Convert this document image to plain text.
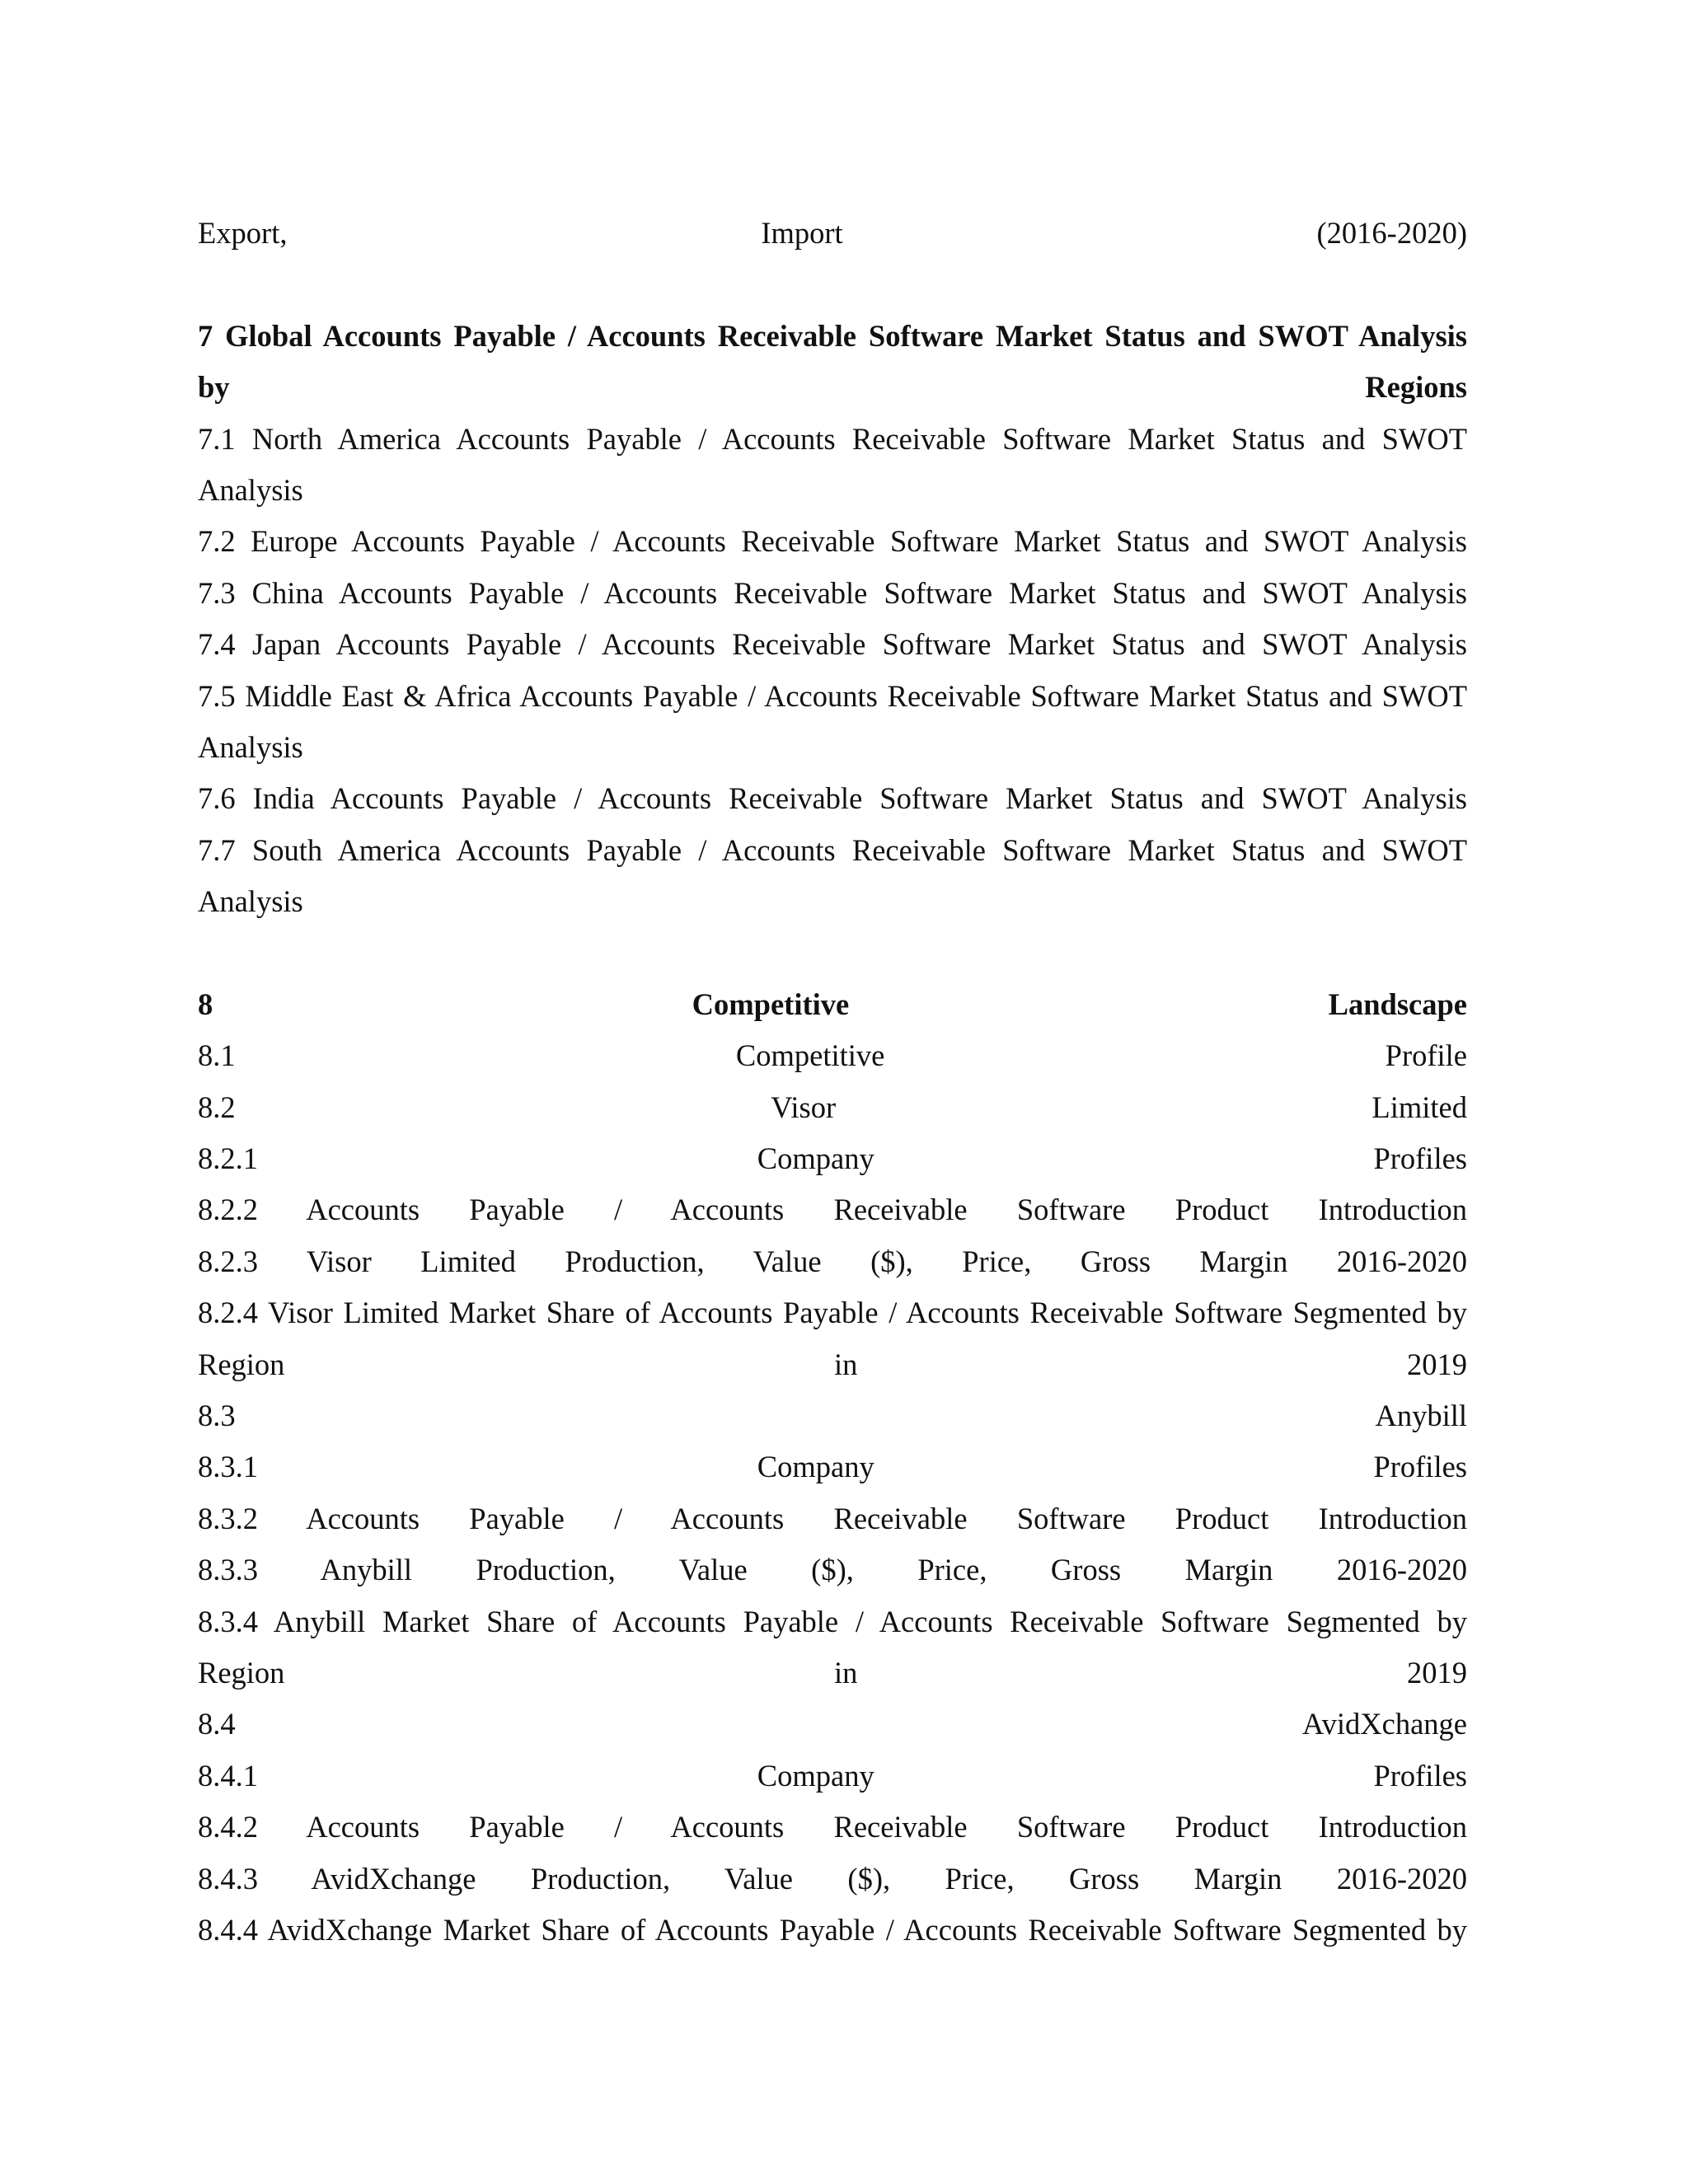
Export, Import (2016-2020)
7 Global Accounts Payable / Accounts Receivable Software Market Status and SWOT Analysis
by Regions
7.1 North America Accounts Payable / Accounts Receivable Software Market Status and SWOT
Analysis
7.2 Europe Accounts Payable / Accounts Receivable Software Market Status and SWOT Analysis
7.3 China Accounts Payable / Accounts Receivable Software Market Status and SWOT Analysis
7.4 Japan Accounts Payable / Accounts Receivable Software Market Status and SWOT Analysis
7.5 Middle East & Africa Accounts Payable / Accounts Receivable Software Market Status and SWOT
Analysis
7.6 India Accounts Payable / Accounts Receivable Software Market Status and SWOT Analysis
7.7 South America Accounts Payable / Accounts Receivable Software Market Status and SWOT
Analysis
8 Competitive Landscape
8.1 Competitive Profile
8.2 Visor Limited
8.2.1 Company Profiles
8.2.2 Accounts Payable / Accounts Receivable Software Product Introduction
8.2.3 Visor Limited Production, Value ($), Price, Gross Margin 2016-2020
8.2.4 Visor Limited Market Share of Accounts Payable / Accounts Receivable Software Segmented by
Region in 2019
8.3 Anybill
8.3.1 Company Profiles
8.3.2 Accounts Payable / Accounts Receivable Software Product Introduction
8.3.3 Anybill Production, Value ($), Price, Gross Margin 2016-2020
8.3.4 Anybill Market Share of Accounts Payable / Accounts Receivable Software Segmented by
Region in 2019
8.4 AvidXchange
8.4.1 Company Profiles
8.4.2 Accounts Payable / Accounts Receivable Software Product Introduction
8.4.3 AvidXchange Production, Value ($), Price, Gross Margin 2016-2020
8.4.4 AvidXchange Market Share of Accounts Payable / Accounts Receivable Software Segmented by
